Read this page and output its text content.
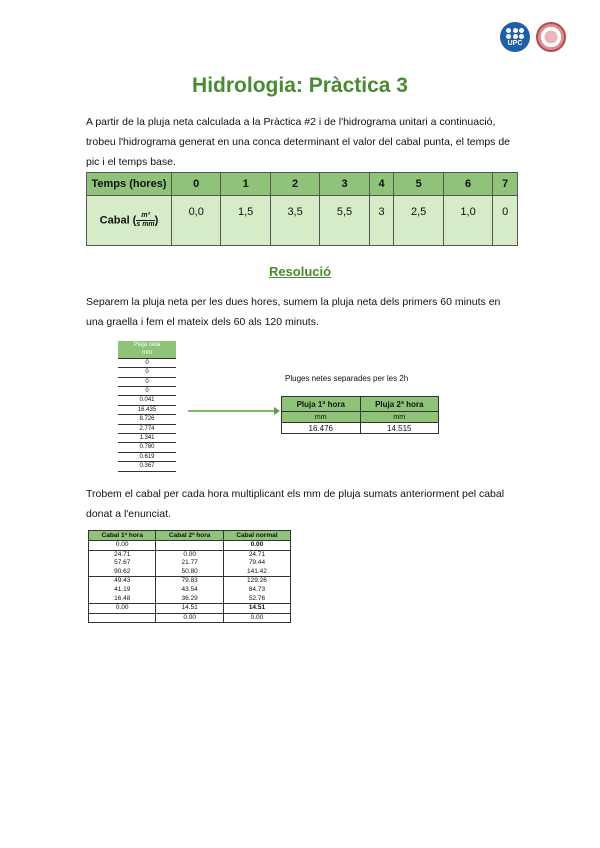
UPC
Hidrologia: Pràctica 3
A partir de la pluja neta calculada a la Pràctica #2 i de l'hidrograma unitari a continuació, trobeu l'hidrograma generat en una conca determinant el valor del cabal punta, el temps de pic i el temps base.
Temps (hores)	0	1	2	3	4	5	6	7
Cabal ( $\frac{\text{m³}}{\text{s mm}}$ )	0,0	1,5	3,5	5,5	3	2,5	1,0	0
Resolució
Separem la pluja neta per les dues hores, sumem la pluja neta dels primers 60 minuts en una graella i fem el mateix dels 60 als 120 minuts.
Pluja neta
mm
0
0
0
0
0.041
16.435
8.726
2.774
1.341
0.780
0.619
0.367
Pluges netes separades per les 2h
Pluja 1ª hora	Pluja 2ª hora
mm	mm
16.476	14.515
Trobem el cabal per cada hora multiplicant els mm de pluja sumats anteriorment pel cabal donat a l'enunciat.
Cabal 1ª hora	Cabal 2ª hora	Cabal normal
0.00		0.00
24.71	0.00	24.71
57.67	21.77	79.44
90.62	50.80	141.42
49.43	79.83	129.26
41.19	43.54	84.73
16.48	36.29	52.76
0.00	14.51	14.51
	0.00	0.00
